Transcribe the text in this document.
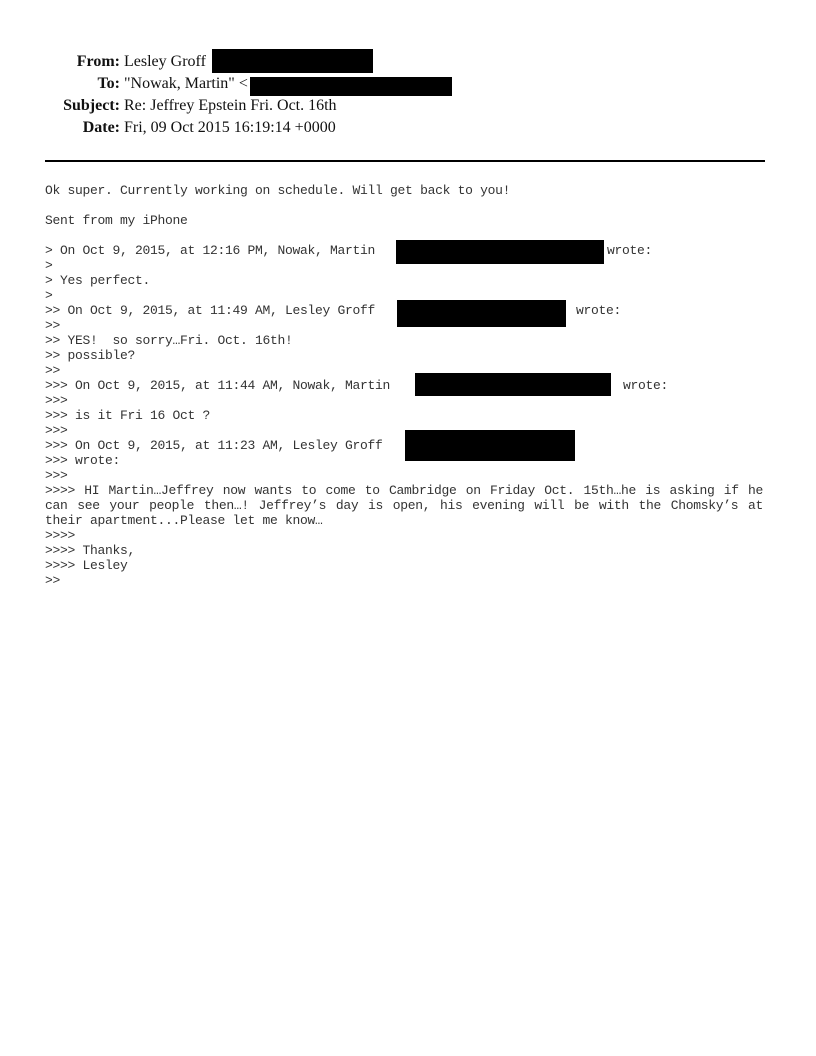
From: Lesley Groff
To: "Nowak, Martin" <
Subject: Re: Jeffrey Epstein Fri. Oct. 16th
Date: Fri, 09 Oct 2015 16:19:14 +0000
Ok super. Currently working on schedule. Will get back to you!
Sent from my iPhone
> On Oct 9, 2015, at 12:16 PM, Nowak, Martin	wrote:
>
> Yes perfect.
>
>> On Oct 9, 2015, at 11:49 AM, Lesley Groff	wrote:
>>
>> YES!  so sorry…Fri. Oct. 16th!
>> possible?
>>
>>> On Oct 9, 2015, at 11:44 AM, Nowak, Martin	wrote:
>>>
>>> is it Fri 16 Oct ?
>>>
>>> On Oct 9, 2015, at 11:23 AM, Lesley Groff
>>> wrote:
>>>
>>>> HI Martin…Jeffrey now wants to come to Cambridge on Friday Oct. 15th…he is asking if he can see your people then…! Jeffrey’s day is open, his evening will be with the Chomsky’s at their apartment...Please let me know…
>>>>
>>>> Thanks,
>>>> Lesley
>>
